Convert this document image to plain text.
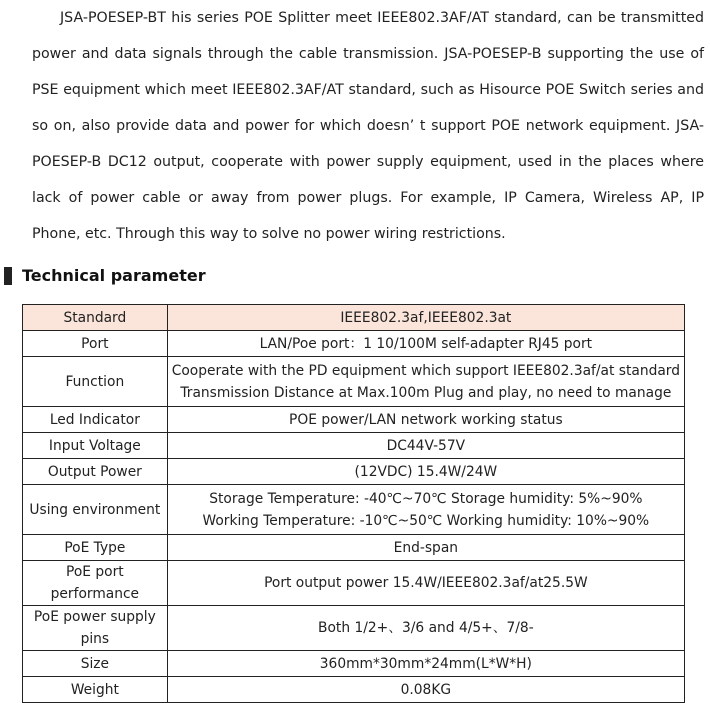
JSA-POESEP-BT his series POE Splitter meet IEEE802.3AF/AT standard, can be transmitted power and data signals through the cable transmission. JSA-POESEP-B supporting the use of PSE equipment which meet IEEE802.3AF/AT standard, such as Hisource POE Switch series and so on, also provide data and power for which doesn’ t support POE network equipment. JSA-POESEP-B DC12 output, cooperate with power supply equipment, used in the places where lack of power cable or away from power plugs. For example, IP Camera, Wireless AP, IP Phone, etc. Through this way to solve no power wiring restrictions.

Technical parameter
Standard	IEEE802.3af,IEEE802.3at

Port	LAN/Poe port：1 10/100M self-adapter RJ45 port

Function	Cooperate with the PD equipment which support IEEE802.3af/at standard
Transmission Distance at Max.100m Plug and play, no need to manage

Led Indicator	POE power/LAN network working status

Input Voltage	DC44V-57V

Output Power	(12VDC) 15.4W/24W

Using environment	Storage Temperature: -40℃~70℃ Storage humidity: 5%~90%
Working Temperature: -10℃~50℃ Working humidity: 10%~90%

PoE Type	End-span

PoE port performance	Port output power 15.4W/IEEE802.3af/at25.5W

PoE power supply pins	Both 1/2+、3/6 and 4/5+、7/8-

Size	360mm*30mm*24mm(L*W*H)

Weight	0.08KG
